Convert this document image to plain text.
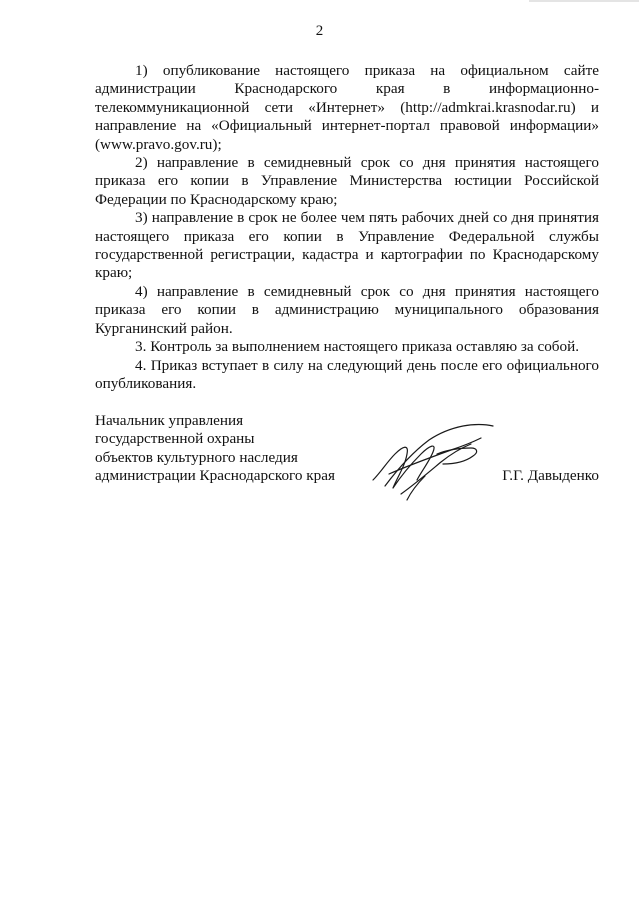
2

1) опубликование настоящего приказа на официальном сайте администрации Краснодарского края в информационно-телекоммуникационной сети «Интернет» (http://admkrai.krasnodar.ru) и направление на «Официальный интернет-портал правовой информации» (www.pravo.gov.ru);

2) направление в семидневный срок со дня принятия настоящего приказа его копии в Управление Министерства юстиции Российской Федерации по Краснодарскому краю;

3) направление в срок не более чем пять рабочих дней со дня принятия настоящего приказа его копии в Управление Федеральной службы государственной регистрации, кадастра и картографии по Краснодарскому краю;

4) направление в семидневный срок со дня принятия настоящего приказа его копии в администрацию муниципального образования Курганинский район.

3. Контроль за выполнением настоящего приказа оставляю за собой.

4. Приказ вступает в силу на следующий день после его официального опубликования.

Начальник управления
государственной охраны
объектов культурного наследия
администрации Краснодарского края	Г.Г. Давыденко
